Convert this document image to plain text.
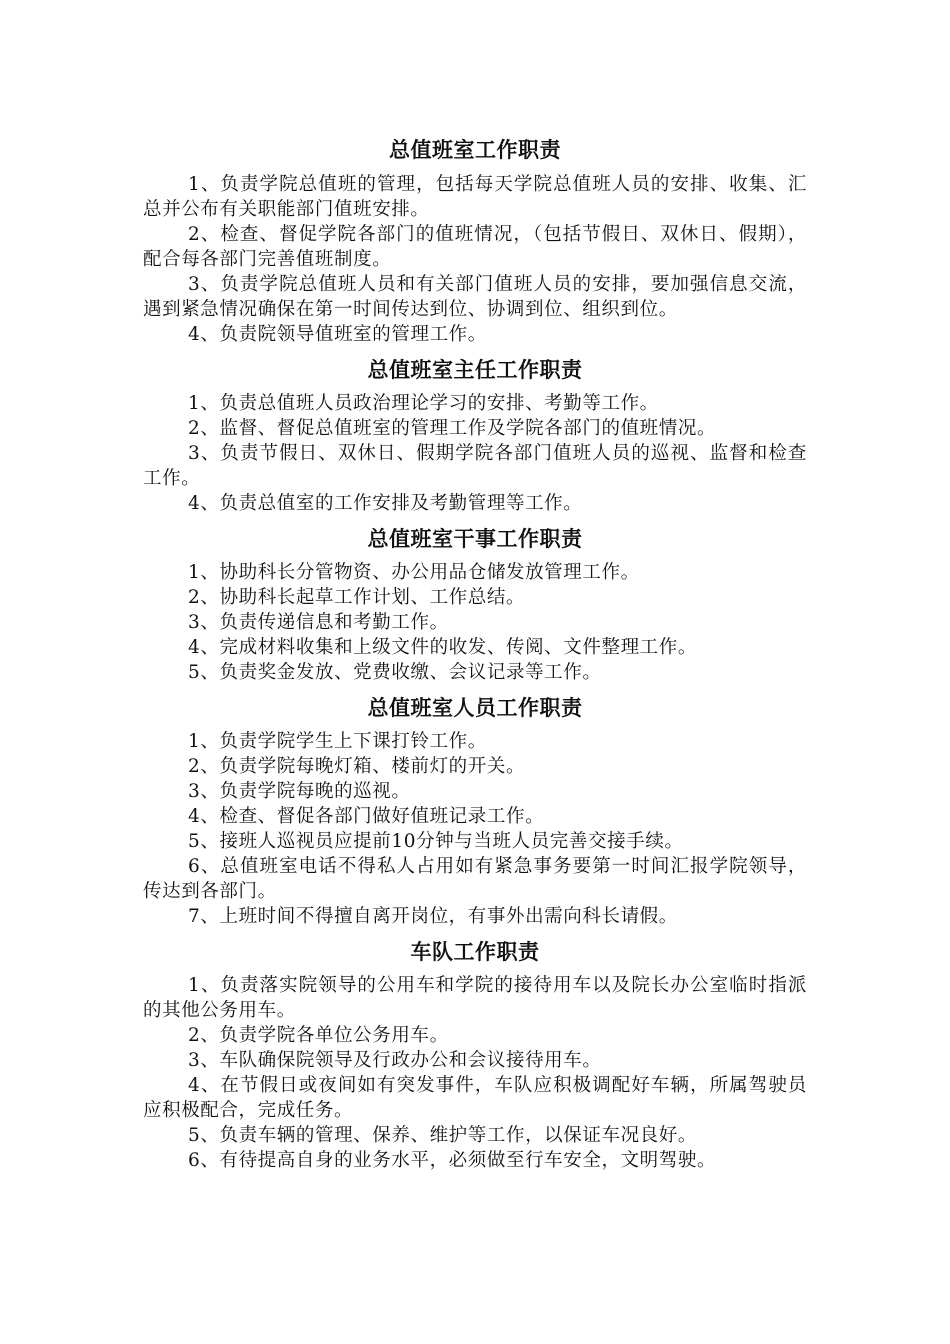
总值班室工作职责

1、负责学院总值班的管理，包括每天学院总值班人员的安排、收集、汇总并公布有关职能部门值班安排。

2、检查、督促学院各部门的值班情况，（包括节假日、双休日、假期），配合每各部门完善值班制度。

3、负责学院总值班人员和有关部门值班人员的安排，要加强信息交流，遇到紧急情况确保在第一时间传达到位、协调到位、组织到位。

4、负责院领导值班室的管理工作。

总值班室主任工作职责

1、负责总值班人员政治理论学习的安排、考勤等工作。

2、监督、督促总值班室的管理工作及学院各部门的值班情况。

3、负责节假日、双休日、假期学院各部门值班人员的巡视、监督和检查工作。

4、负责总值室的工作安排及考勤管理等工作。

总值班室干事工作职责

1、协助科长分管物资、办公用品仓储发放管理工作。

2、协助科长起草工作计划、工作总结。

3、负责传递信息和考勤工作。

4、完成材料收集和上级文件的收发、传阅、文件整理工作。

5、负责奖金发放、党费收缴、会议记录等工作。

总值班室人员工作职责

1、负责学院学生上下课打铃工作。

2、负责学院每晚灯箱、楼前灯的开关。

3、负责学院每晚的巡视。

4、检查、督促各部门做好值班记录工作。

5、接班人巡视员应提前10分钟与当班人员完善交接手续。

6、总值班室电话不得私人占用如有紧急事务要第一时间汇报学院领导，传达到各部门。

7、上班时间不得擅自离开岗位，有事外出需向科长请假。

车队工作职责

1、负责落实院领导的公用车和学院的接待用车以及院长办公室临时指派的其他公务用车。

2、负责学院各单位公务用车。

3、车队确保院领导及行政办公和会议接待用车。

4、在节假日或夜间如有突发事件，车队应积极调配好车辆，所属驾驶员应积极配合，完成任务。

5、负责车辆的管理、保养、维护等工作，以保证车况良好。

6、有待提高自身的业务水平，必须做至行车安全，文明驾驶。
